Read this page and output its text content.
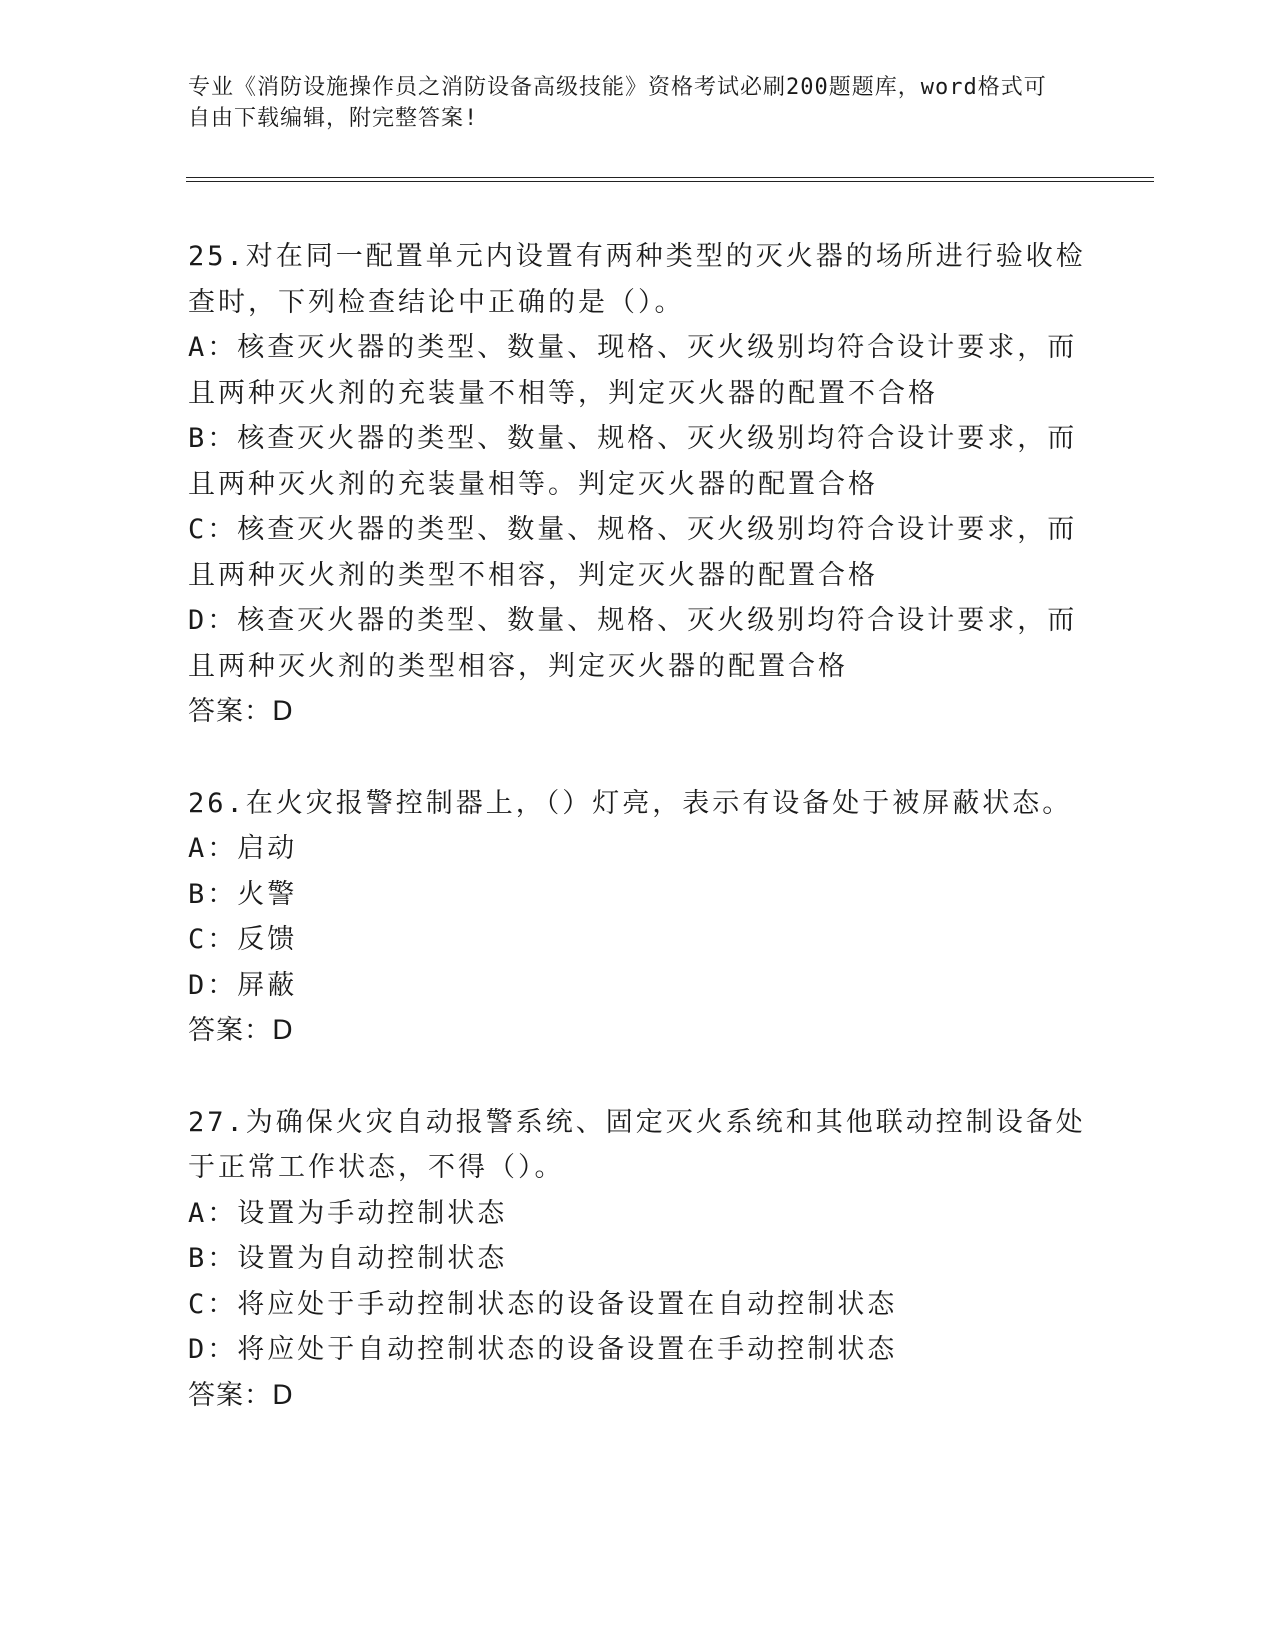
专业《消防设施操作员之消防设备高级技能》资格考试必刷200题题库，word格式可自由下载编辑，附完整答案!
25.对在同一配置单元内设置有两种类型的灭火器的场所进行验收检查时，下列检查结论中正确的是（）。
A：核查灭火器的类型、数量、现格、灭火级别均符合设计要求，而且两种灭火剂的充装量不相等，判定灭火器的配置不合格
B：核查灭火器的类型、数量、规格、灭火级别均符合设计要求，而且两种灭火剂的充装量相等。判定灭火器的配置合格
C：核查灭火器的类型、数量、规格、灭火级别均符合设计要求，而且两种灭火剂的类型不相容，判定灭火器的配置合格
D：核查灭火器的类型、数量、规格、灭火级别均符合设计要求，而且两种灭火剂的类型相容，判定灭火器的配置合格
答案：D
26.在火灾报警控制器上，（）灯亮，表示有设备处于被屏蔽状态。
A：启动
B：火警
C：反馈
D：屏蔽
答案：D
27.为确保火灾自动报警系统、固定灭火系统和其他联动控制设备处于正常工作状态，不得（）。
A：设置为手动控制状态
B：设置为自动控制状态
C：将应处于手动控制状态的设备设置在自动控制状态
D：将应处于自动控制状态的设备设置在手动控制状态
答案：D
